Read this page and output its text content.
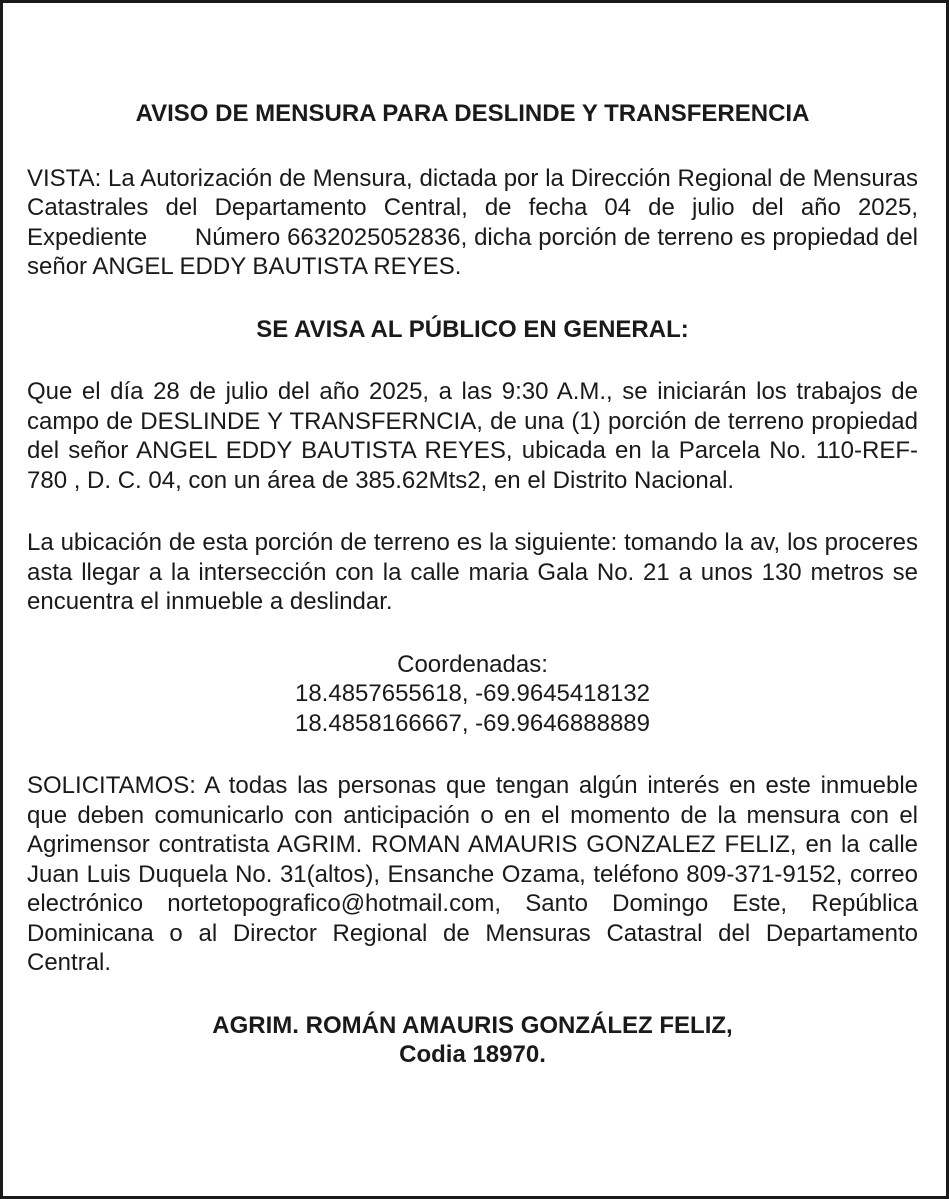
AVISO DE MENSURA PARA DESLINDE Y TRANSFERENCIA
VISTA: La Autorización de Mensura, dictada por la Dirección Regional de Mensuras Catastrales del Departamento Central, de fecha 04 de julio del año 2025, Expediente       Número 6632025052836, dicha porción de terreno es propiedad del señor ANGEL EDDY BAUTISTA REYES.
SE AVISA AL PÚBLICO EN GENERAL:
Que el día 28 de julio del año 2025, a las 9:30 A.M., se iniciarán los trabajos de campo de DESLINDE Y TRANSFERNCIA, de una (1) porción de terreno propiedad del señor ANGEL EDDY BAUTISTA REYES, ubicada en la Parcela No. 110-REF-780 , D. C. 04, con un área de 385.62Mts2, en el Distrito Nacional.
La ubicación de esta porción de terreno es la siguiente: tomando la av, los proceres asta llegar a la intersección con la calle maria Gala No. 21 a unos 130 metros se encuentra el inmueble a deslindar.
Coordenadas:
18.4857655618, -69.9645418132
18.4858166667, -69.9646888889
SOLICITAMOS: A todas las personas que tengan algún interés en este inmueble que deben comunicarlo con anticipación o en el momento de la mensura con el Agrimensor contratista AGRIM. ROMAN AMAURIS GONZALEZ FELIZ, en la calle Juan Luis Duquela No. 31(altos), Ensanche Ozama, teléfono 809-371-9152, correo electrónico nortetopografico@hotmail.com, Santo Domingo Este, República Dominicana o al Director Regional de Mensuras Catastral del Departamento Central.
AGRIM. ROMÁN AMAURIS GONZÁLEZ FELIZ,
Codia 18970.
